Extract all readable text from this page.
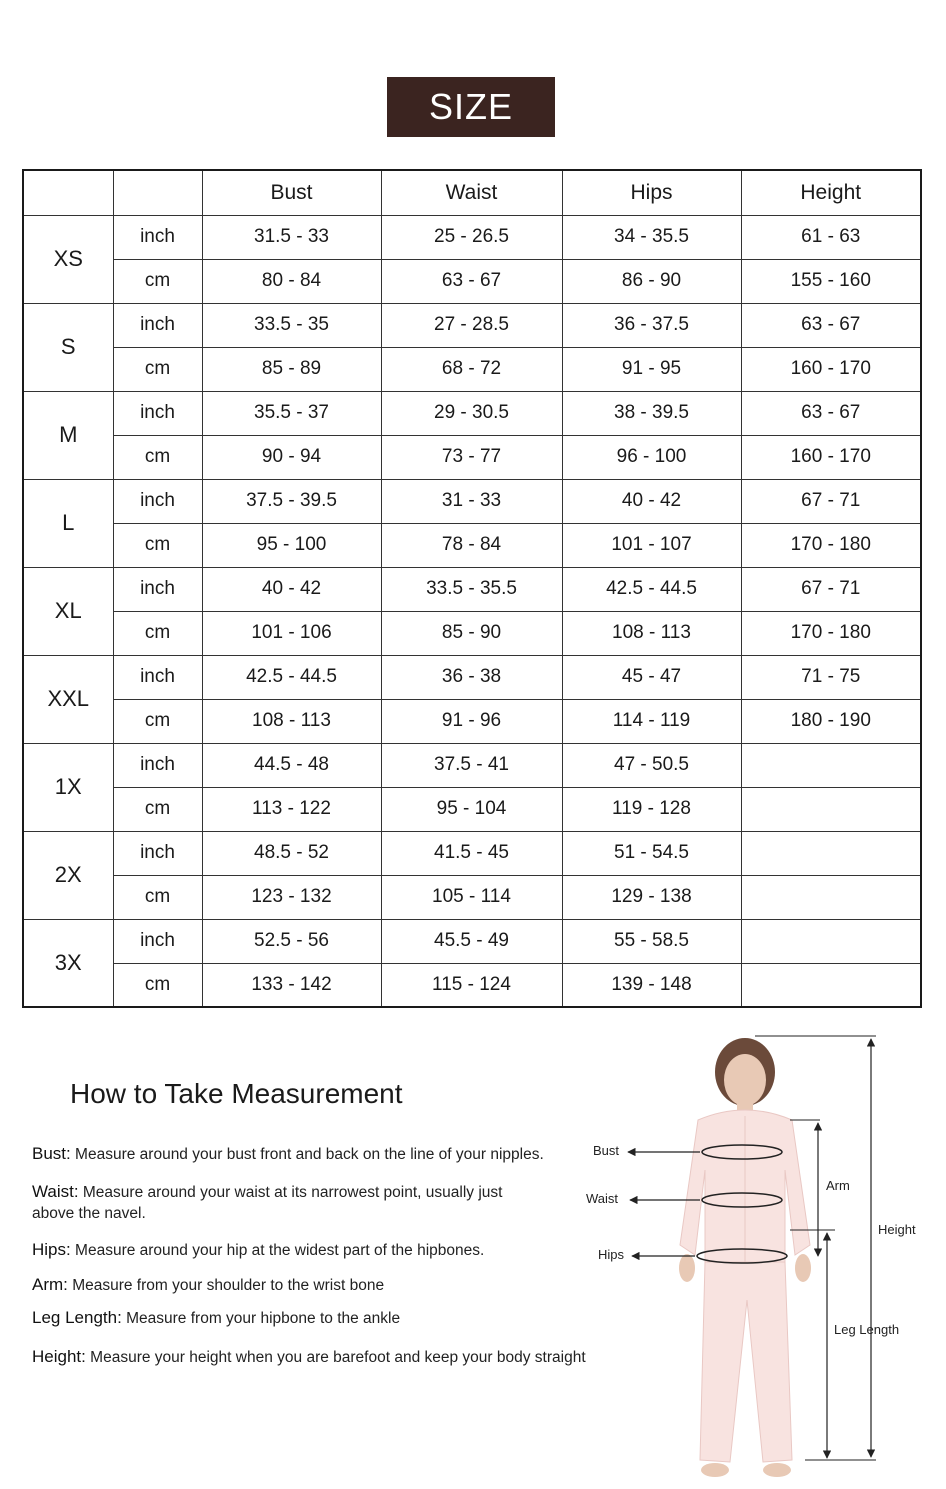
SIZE
		Bust	Waist	Hips	Height
XS	inch	31.5 - 33	25 - 26.5	34 - 35.5	61 - 63
	cm	80 - 84	63 - 67	86 - 90	155 - 160
S	inch	33.5 - 35	27 - 28.5	36 - 37.5	63 - 67
	cm	85 - 89	68 - 72	91 - 95	160 - 170
M	inch	35.5 - 37	29 - 30.5	38 - 39.5	63 - 67
	cm	90 - 94	73 - 77	96 - 100	160 - 170
L	inch	37.5 - 39.5	31 - 33	40 - 42	67 - 71
	cm	95 - 100	78 - 84	101 - 107	170 - 180
XL	inch	40 - 42	33.5 - 35.5	42.5 - 44.5	67 - 71
	cm	101 - 106	85 - 90	108 - 113	170 - 180
XXL	inch	42.5 - 44.5	36 - 38	45 - 47	71 - 75
	cm	108 - 113	91 - 96	114 - 119	180 - 190
1X	inch	44.5 - 48	37.5 - 41	47 - 50.5	
	cm	113 - 122	95 - 104	119 - 128	
2X	inch	48.5 - 52	41.5 - 45	51 - 54.5	
	cm	123 - 132	105 - 114	129 - 138	
3X	inch	52.5 - 56	45.5 - 49	55 - 58.5	
	cm	133 - 142	115 - 124	139 - 148	
How to Take Measurement
Bust: Measure around your bust front and back on the line of your nipples.
Waist: Measure around your waist at its narrowest point, usually just above the navel.
Hips: Measure around your hip at the widest part of the hipbones.
Arm: Measure from your shoulder to the wrist bone
Leg Length: Measure from your hipbone to the ankle
Height: Measure your height when you are barefoot and keep your body straight
Bust
Waist
Hips
Arm
Leg Length
Height
